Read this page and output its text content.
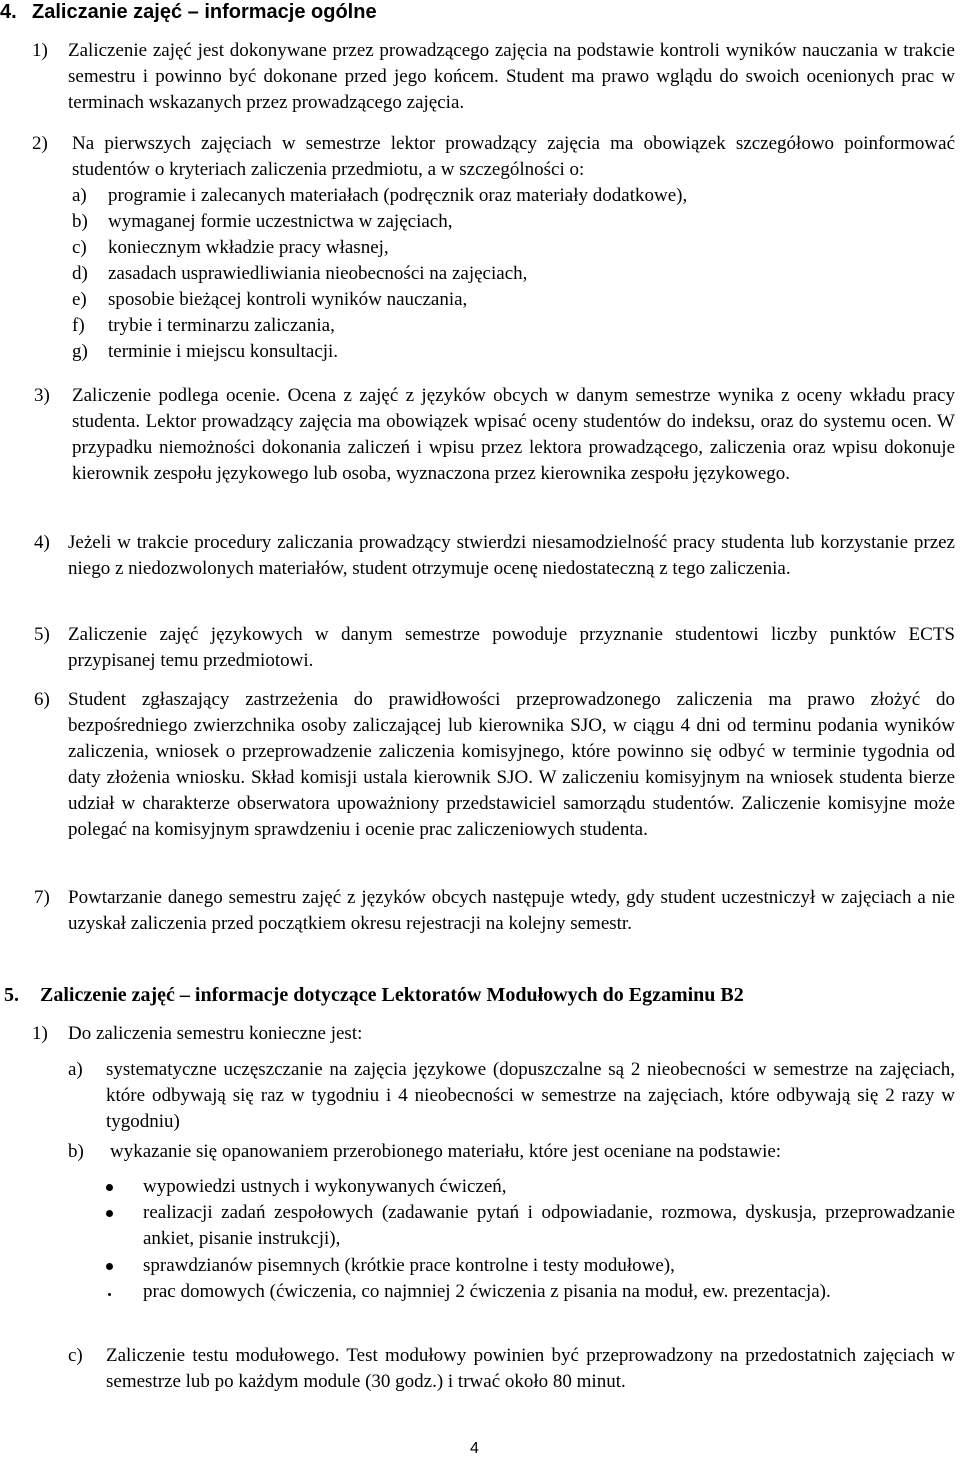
4. Zaliczanie zajęć – informacje ogólne
1) Zaliczenie zajęć jest dokonywane przez prowadzącego zajęcia na podstawie kontroli wyników nauczania w trakcie semestru i powinno być dokonane przed jego końcem. Student ma prawo wglądu do swoich ocenionych prac w terminach wskazanych przez prowadzącego zajęcia.
2) Na pierwszych zajęciach w semestrze lektor prowadzący zajęcia ma obowiązek szczegółowo poinformować studentów o kryteriach zaliczenia przedmiotu, a w szczególności o:
a) programie i zalecanych materiałach (podręcznik oraz materiały dodatkowe),
b) wymaganej formie uczestnictwa w zajęciach,
c) koniecznym wkładzie pracy własnej,
d) zasadach usprawiedliwiania nieobecności na zajęciach,
e) sposobie bieżącej kontroli wyników nauczania,
f) trybie i terminarzu zaliczania,
g) terminie i miejscu konsultacji.
3) Zaliczenie podlega ocenie. Ocena z zajęć z języków obcych w danym semestrze wynika z oceny wkładu pracy studenta. Lektor prowadzący zajęcia ma obowiązek wpisać oceny studentów do indeksu, oraz do systemu ocen. W przypadku niemożności dokonania zaliczeń i wpisu przez lektora prowadzącego, zaliczenia oraz wpisu dokonuje kierownik zespołu językowego lub osoba, wyznaczona przez kierownika zespołu językowego.
4) Jeżeli w trakcie procedury zaliczania prowadzący stwierdzi niesamodzielność pracy studenta lub korzystanie przez niego z niedozwolonych materiałów, student otrzymuje ocenę niedostateczną z tego zaliczenia.
5) Zaliczenie zajęć językowych w danym semestrze powoduje przyznanie studentowi liczby punktów ECTS przypisanej temu przedmiotowi.
6) Student zgłaszający zastrzeżenia do prawidłowości przeprowadzonego zaliczenia ma prawo złożyć do bezpośredniego zwierzchnika osoby zaliczającej lub kierownika SJO, w ciągu 4 dni od terminu podania wyników zaliczenia, wniosek o przeprowadzenie zaliczenia komisyjnego, które powinno się odbyć w terminie tygodnia od daty złożenia wniosku. Skład komisji ustala kierownik SJO. W zaliczeniu komisyjnym na wniosek studenta bierze udział w charakterze obserwatora upoważniony przedstawiciel samorządu studentów. Zaliczenie komisyjne może polegać na komisyjnym sprawdzeniu i ocenie prac zaliczeniowych studenta.
7) Powtarzanie danego semestru zajęć z języków obcych następuje wtedy, gdy student uczestniczył w zajęciach a nie uzyskał zaliczenia przed początkiem okresu rejestracji na kolejny semestr.
5. Zaliczenie zajęć – informacje dotyczące Lektoratów Modułowych do Egzaminu B2
1) Do zaliczenia semestru konieczne jest:
a) systematyczne uczęszczanie na zajęcia językowe (dopuszczalne są 2 nieobecności w semestrze na zajęciach, które odbywają się raz w tygodniu i 4 nieobecności w semestrze na zajęciach, które odbywają się 2 razy w tygodniu)
b) wykazanie się opanowaniem przerobionego materiału, które jest oceniane na podstawie:
wypowiedzi ustnych i wykonywanych ćwiczeń,
realizacji zadań zespołowych (zadawanie pytań i odpowiadanie, rozmowa, dyskusja, przeprowadzanie ankiet, pisanie instrukcji),
sprawdzianów pisemnych (krótkie prace kontrolne i testy modułowe),
prac domowych (ćwiczenia, co najmniej 2 ćwiczenia z pisania na moduł, ew. prezentacja).
c) Zaliczenie testu modułowego. Test modułowy powinien być przeprowadzony na przedostatnich zajęciach w semestrze lub po każdym module (30 godz.) i trwać około 80 minut.
4
